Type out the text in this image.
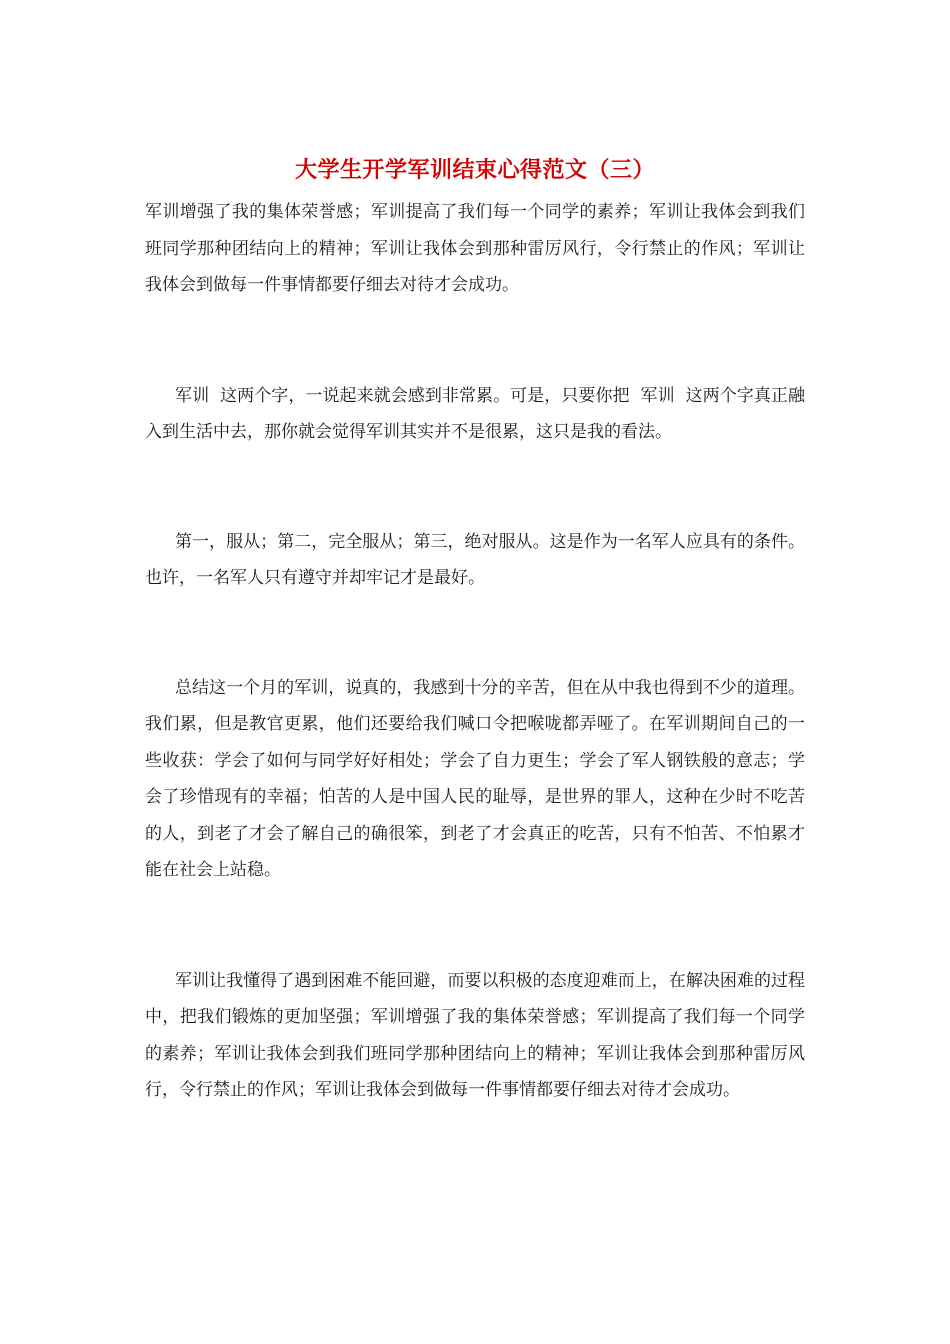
大学生开学军训结束心得范文（三）

军训增强了我的集体荣誉感；军训提高了我们每一个同学的素养；军训让我体会到我们班同学那种团结向上的精神；军训让我体会到那种雷厉风行，令行禁止的作风；军训让我体会到做每一件事情都要仔细去对待才会成功。

军训  这两个字，一说起来就会感到非常累。可是，只要你把  军训  这两个字真正融入到生活中去，那你就会觉得军训其实并不是很累，这只是我的看法。

第一，服从；第二，完全服从；第三，绝对服从。这是作为一名军人应具有的条件。也许，一名军人只有遵守并却牢记才是最好。

总结这一个月的军训，说真的，我感到十分的辛苦，但在从中我也得到不少的道理。我们累，但是教官更累，他们还要给我们喊口令把喉咙都弄哑了。在军训期间自己的一些收获：学会了如何与同学好好相处；学会了自力更生；学会了军人钢铁般的意志；学会了珍惜现有的幸福；怕苦的人是中国人民的耻辱，是世界的罪人，这种在少时不吃苦的人，到老了才会了解自己的确很笨，到老了才会真正的吃苦，只有不怕苦、不怕累才能在社会上站稳。

军训让我懂得了遇到困难不能回避，而要以积极的态度迎难而上，在解决困难的过程中，把我们锻炼的更加坚强；军训增强了我的集体荣誉感；军训提高了我们每一个同学的素养；军训让我体会到我们班同学那种团结向上的精神；军训让我体会到那种雷厉风行，令行禁止的作风；军训让我体会到做每一件事情都要仔细去对待才会成功。
